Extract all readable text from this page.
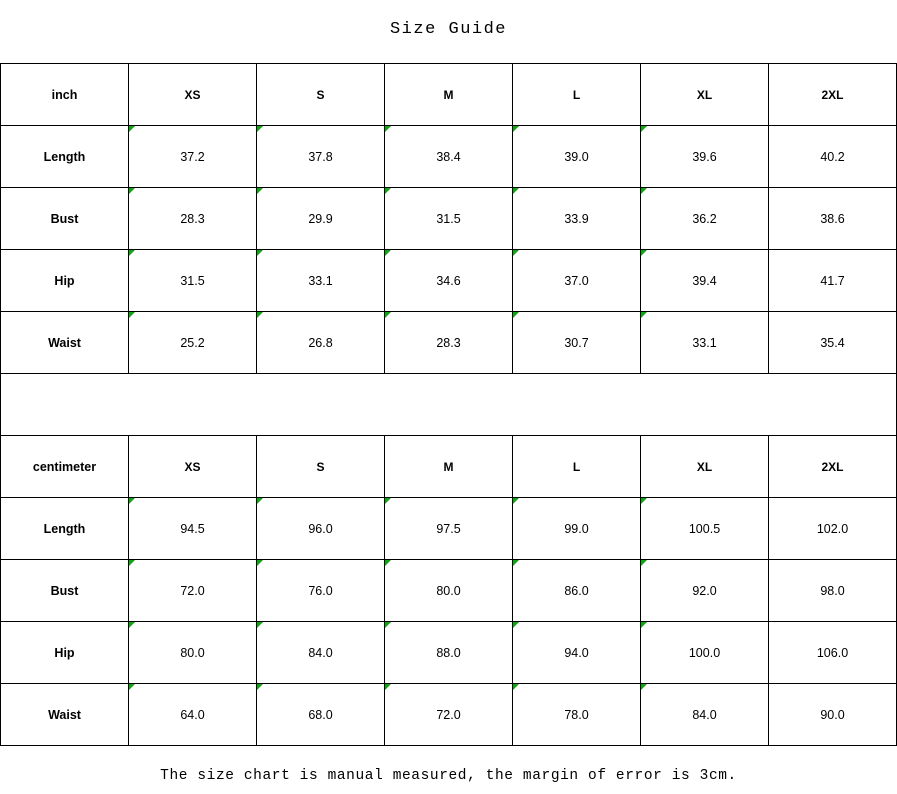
Size Guide
inch	XS	S	M	L	XL	2XL
Length	37.2	37.8	38.4	39.0	39.6	40.2
Bust	28.3	29.9	31.5	33.9	36.2	38.6
Hip	31.5	33.1	34.6	37.0	39.4	41.7
Waist	25.2	26.8	28.3	30.7	33.1	35.4

centimeter	XS	S	M	L	XL	2XL
Length	94.5	96.0	97.5	99.0	100.5	102.0
Bust	72.0	76.0	80.0	86.0	92.0	98.0
Hip	80.0	84.0	88.0	94.0	100.0	106.0
Waist	64.0	68.0	72.0	78.0	84.0	90.0
The size chart is manual measured, the margin of error is 3cm.
